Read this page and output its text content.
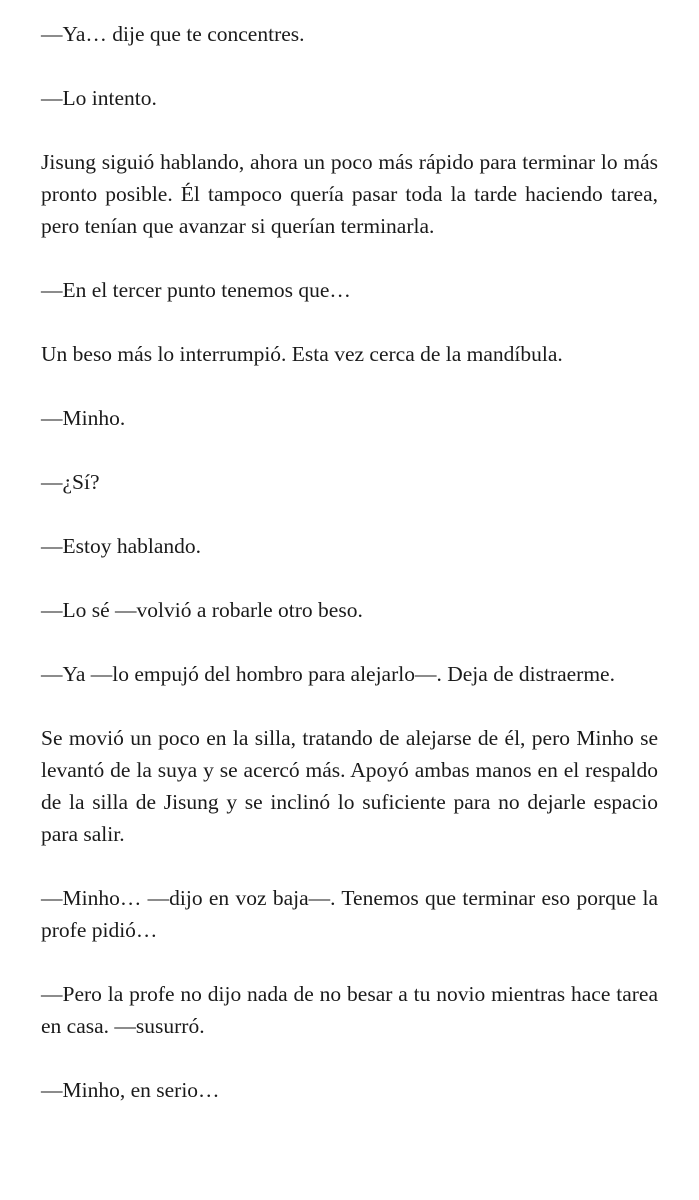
—Ya… dije que te concentres.

—Lo intento.

Jisung siguió hablando, ahora un poco más rápido para terminar lo más pronto posible. Él tampoco quería pasar toda la tarde haciendo tarea, pero tenían que avanzar si querían terminarla.

—En el tercer punto tenemos que…

Un beso más lo interrumpió. Esta vez cerca de la mandíbula.

—Minho.

—¿Sí?

—Estoy hablando.

—Lo sé —volvió a robarle otro beso.

—Ya —lo empujó del hombro para alejarlo—. Deja de distraerme.

Se movió un poco en la silla, tratando de alejarse de él, pero Minho se levantó de la suya y se acercó más. Apoyó ambas manos en el respaldo de la silla de Jisung y se inclinó lo suficiente para no dejarle espacio para salir.

—Minho… —dijo en voz baja—. Tenemos que terminar eso porque la profe pidió…

—Pero la profe no dijo nada de no besar a tu novio mientras hace tarea en casa. —susurró.

—Minho, en serio…
